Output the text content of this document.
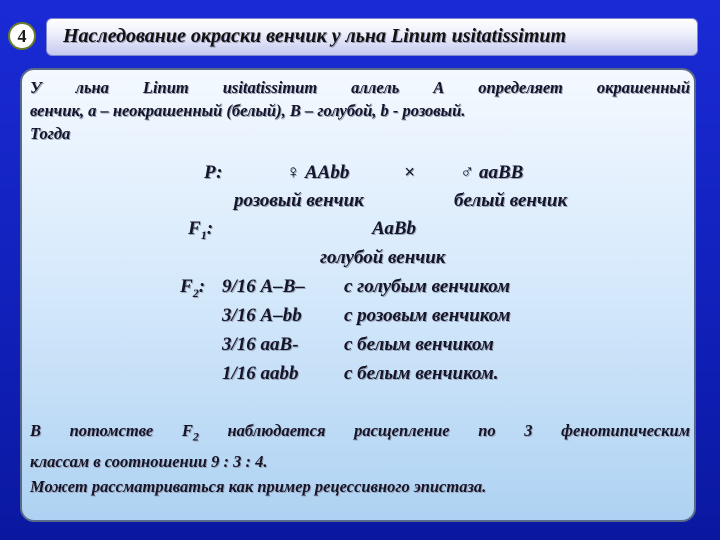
4	Наследование окраски венчик у льна Linum usitatissimum
У льна Linum usitatissimum аллель А определяет окрашенный
венчик, а – неокрашенный (белый), В – голубой, b - розовый.
Тогда
Р:	♀ ААbb	× ♂ ааВВ
розовый венчик	белый венчик
$F_1$:	АаВb
голубой венчик
$F_2$: 9/16 А–В– с голубым венчиком
3/16 А–bb с розовым венчиком
3/16 ааВ- с белым венчиком
1/16 ааbb с белым венчиком.
В потомстве $F_2$ наблюдается расщепление по 3 фенотипическим
классам в соотношении 9 : 3 : 4.
Может рассматриваться как пример рецессивного эпистаза.
